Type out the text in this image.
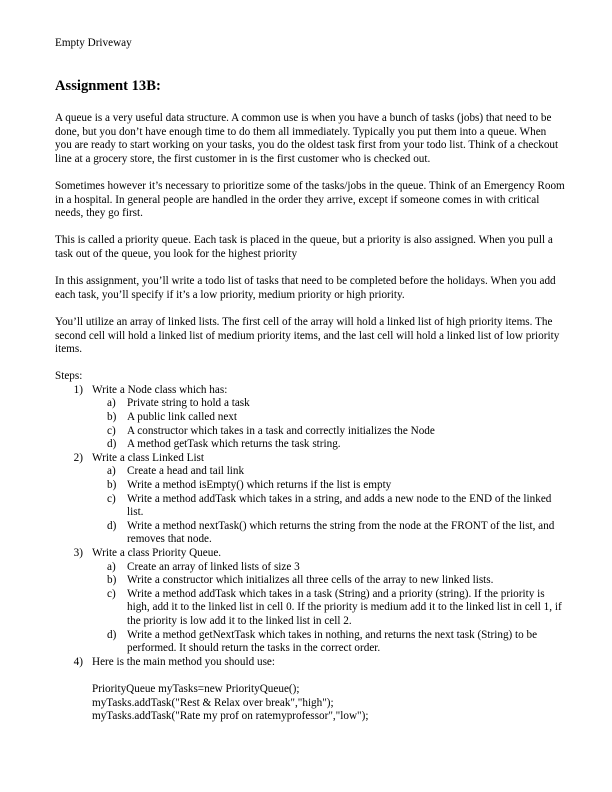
Empty Driveway
Assignment 13B:

A queue is a very useful data structure. A common use is when you have a bunch of tasks (jobs) that need to be done, but you don’t have enough time to do them all immediately. Typically you put them into a queue. When you are ready to start working on your tasks, you do the oldest task first from your todo list. Think of a checkout line at a grocery store, the first customer in is the first customer who is checked out.

Sometimes however it’s necessary to prioritize some of the tasks/jobs in the queue. Think of an Emergency Room in a hospital. In general people are handled in the order they arrive, except if someone comes in with critical needs, they go first.

This is called a priority queue. Each task is placed in the queue, but a priority is also assigned. When you pull a task out of the queue, you look for the highest priority

In this assignment, you’ll write a todo list of tasks that need to be completed before the holidays. When you add each task, you’ll specify if it’s a low priority, medium priority or high priority.

You’ll utilize an array of linked lists. The first cell of the array will hold a linked list of high priority items. The second cell will hold a linked list of medium priority items, and the last cell will hold a linked list of low priority items.

Steps:
1) Write a Node class which has:
a) Private string to hold a task
b) A public link called next
c) A constructor which takes in a task and correctly initializes the Node
d) A method getTask which returns the task string.
2) Write a class Linked List
a) Create a head and tail link
b) Write a method isEmpty() which returns if the list is empty
c) Write a method addTask which takes in a string, and adds a new node to the END of the linked list.
d) Write a method nextTask() which returns the string from the node at the FRONT of the list, and removes that node.
3) Write a class Priority Queue.
a) Create an array of linked lists of size 3
b) Write a constructor which initializes all three cells of the array to new linked lists.
c) Write a method addTask which takes in a task (String) and a priority (string). If the priority is high, add it to the linked list in cell 0. If the priority is medium add it to the linked list in cell 1, if the priority is low add it to the linked list in cell 2.
d) Write a method getNextTask which takes in nothing, and returns the next task (String) to be performed. It should return the tasks in the correct order.
4) Here is the main method you should use:
PriorityQueue myTasks=new PriorityQueue();
myTasks.addTask("Rest & Relax over break","high");
myTasks.addTask("Rate my prof on ratemyprofessor","low");
